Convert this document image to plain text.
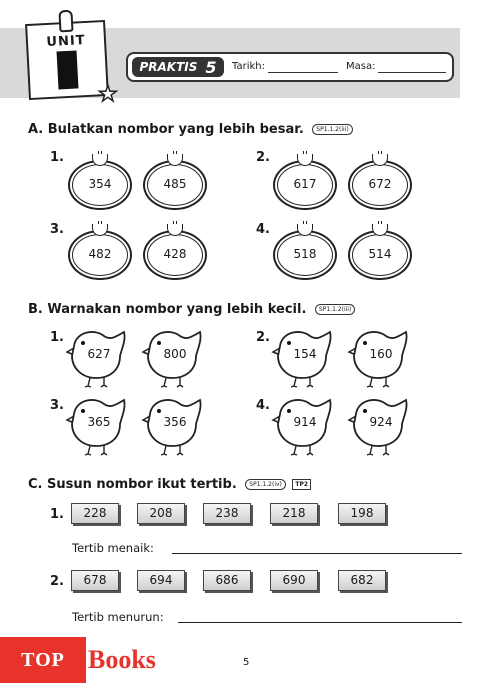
UNIT
★
PRAKTIS 5 Tarikh:	Masa:
A. Bulatkan nombor yang lebih besar. SP1.1.2(iii)
1.	2.
3.	4.
354	485	617	672
482	428	518	514
B. Warnakan nombor yang lebih kecil. SP1.1.2(iii)
1.	2.
3.	4.
627	800	154	160
365	356	914	924
C. Susun nombor ikut tertib. SP1.1.2(iv) TP2
1.	228	208	238	218	198
Tertib menaik:
2.	678	694	686	690	682
Tertib menurun:
5
TOP Books
